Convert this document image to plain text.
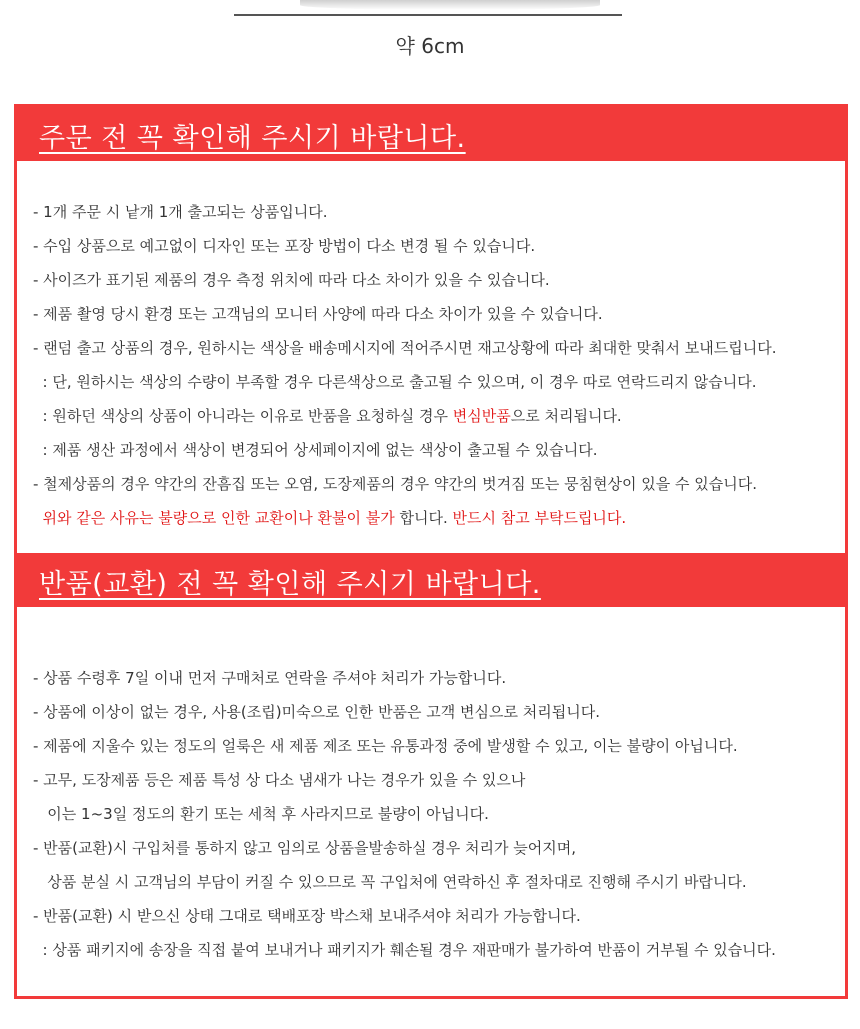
약 6cm
주문 전 꼭 확인해 주시기 바랍니다.
- 1개 주문 시 낱개 1개 출고되는 상품입니다.
- 수입 상품으로 예고없이 디자인 또는 포장 방법이 다소 변경 될 수 있습니다.
- 사이즈가 표기된 제품의 경우 측정 위치에 따라 다소 차이가 있을 수 있습니다.
- 제품 촬영 당시 환경 또는 고객님의 모니터 사양에 따라 다소 차이가 있을 수 있습니다.
- 랜덤 출고 상품의 경우, 원하시는 색상을 배송메시지에 적어주시면 재고상황에 따라 최대한 맞춰서 보내드립니다.
: 단, 원하시는 색상의 수량이 부족할 경우 다른색상으로 출고될 수 있으며, 이 경우 따로 연락드리지 않습니다.
: 원하던 색상의 상품이 아니라는 이유로 반품을 요청하실 경우 변심반품으로 처리됩니다.
: 제품 생산 과정에서 색상이 변경되어 상세페이지에 없는 색상이 출고될 수 있습니다.
- 철제상품의 경우 약간의 잔흠집 또는 오염, 도장제품의 경우 약간의 벗겨짐 또는 뭉침현상이 있을 수 있습니다.
위와 같은 사유는 불량으로 인한 교환이나 환불이 불가 합니다. 반드시 참고 부탁드립니다.
반품(교환) 전 꼭 확인해 주시기 바랍니다.
- 상품 수령후 7일 이내 먼저 구매처로 연락을 주셔야 처리가 가능합니다.
- 상품에 이상이 없는 경우, 사용(조립)미숙으로 인한 반품은 고객 변심으로 처리됩니다.
- 제품에 지울수 있는 정도의 얼룩은 새 제품 제조 또는 유통과정 중에 발생할 수 있고, 이는 불량이 아닙니다.
- 고무, 도장제품 등은 제품 특성 상 다소 냄새가 나는 경우가 있을 수 있으나
이는 1~3일 정도의 환기 또는 세척 후 사라지므로 불량이 아닙니다.
- 반품(교환)시 구입처를 통하지 않고 임의로 상품을발송하실 경우 처리가 늦어지며,
상품 분실 시 고객님의 부담이 커질 수 있으므로 꼭 구입처에 연락하신 후 절차대로 진행해 주시기 바랍니다.
- 반품(교환) 시 받으신 상태 그대로 택배포장 박스채 보내주셔야 처리가 가능합니다.
: 상품 패키지에 송장을 직접 붙여 보내거나 패키지가 훼손될 경우 재판매가 불가하여 반품이 거부될 수 있습니다.
